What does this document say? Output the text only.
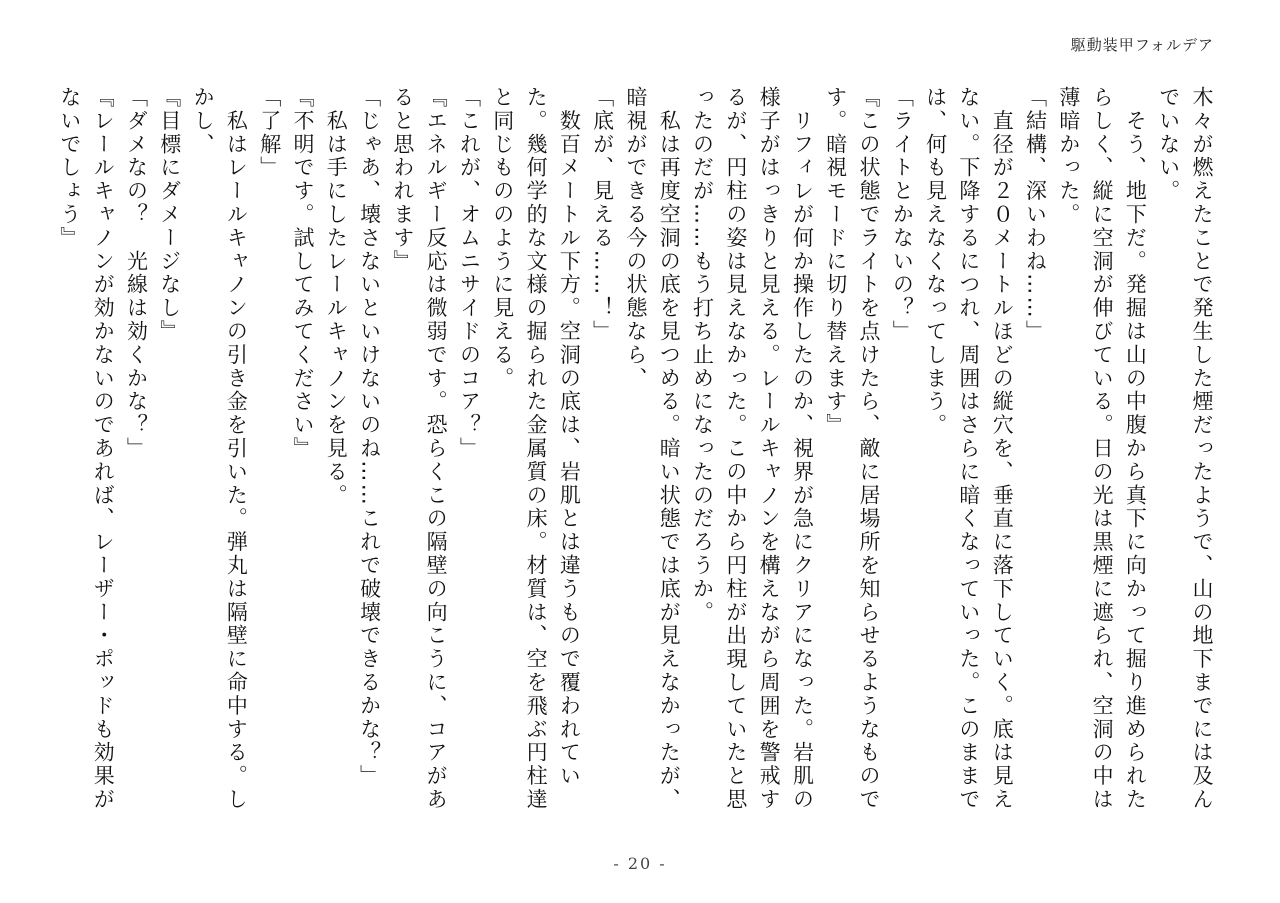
駆動装甲フォルデア

木々が燃えたことで発生した煙だったようで、山の地下までには及んでいない。

　そう、地下だ。発掘は山の中腹から真下に向かって掘り進められたらしく、縦に空洞が伸びている。日の光は黒煙に遮られ、空洞の中は薄暗かった。

「結構、深いわね……」

　直径が２０メートルほどの縦穴を、垂直に落下していく。底は見えない。下降するにつれ、周囲はさらに暗くなっていった。このままでは、何も見えなくなってしまう。

「ライトとかないの？」

『この状態でライトを点けたら、敵に居場所を知らせるようなものです。暗視モードに切り替えます』

　リフィレが何か操作したのか、視界が急にクリアになった。岩肌の様子がはっきりと見える。レールキャノンを構えながら周囲を警戒するが、円柱の姿は見えなかった。この中から円柱が出現していたと思ったのだが……もう打ち止めになったのだろうか。

　私は再度空洞の底を見つめる。暗い状態では底が見えなかったが、暗視ができる今の状態なら、

「底が、見える……！」

　数百メートル下方。空洞の底は、岩肌とは違うもので覆われていた。幾何学的な文様の掘られた金属質の床。材質は、空を飛ぶ円柱達と同じもののように見える。

「これが、オムニサイドのコア？」

『エネルギー反応は微弱です。恐らくこの隔壁の向こうに、コアがあると思われます』

「じゃあ、壊さないといけないのね……これで破壊できるかな？」

　私は手にしたレールキャノンを見る。

『不明です。試してみてください』

「了解」

　私はレールキャノンの引き金を引いた。弾丸は隔壁に命中する。しかし、

『目標にダメージなし』

「ダメなの？　光線は効くかな？」

『レールキャノンが効かないのであれば、レーザー・ポッドも効果がないでしょう』

- 20 -
